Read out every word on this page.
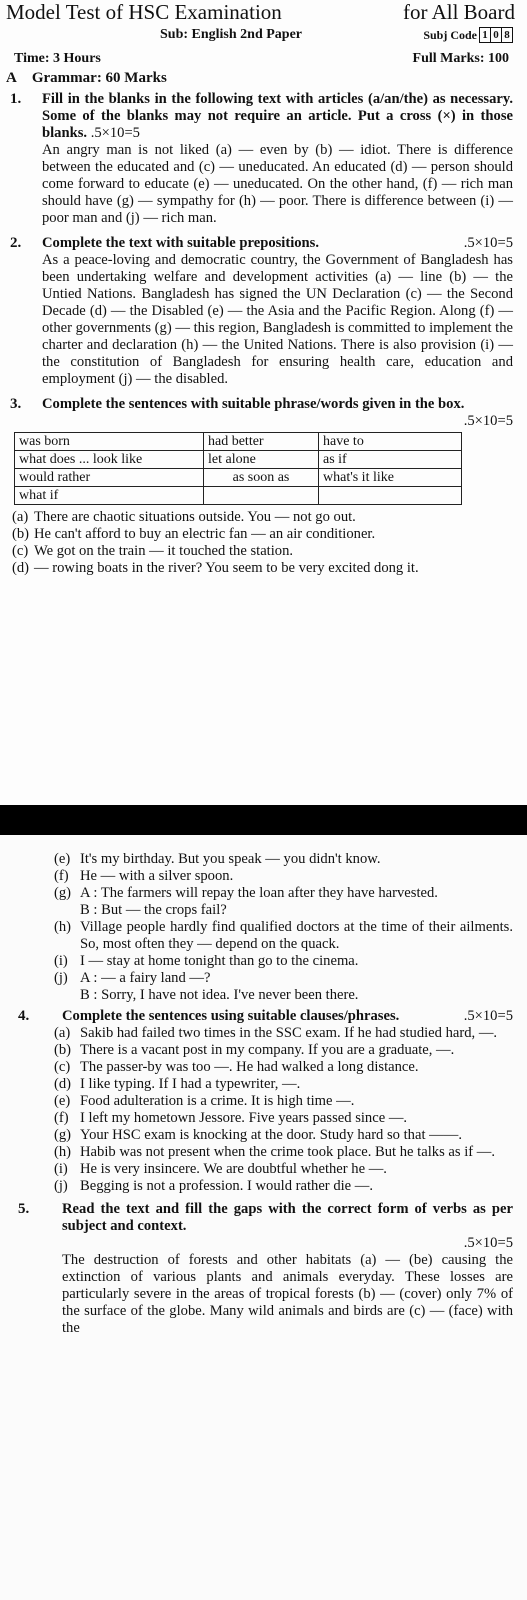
Model Test of HSC Examination	for All Board
Sub: English 2nd Paper	Subj Code 1 0 8
Time: 3 Hours	Full Marks: 100
A Grammar: 60 Marks
1. Fill in the blanks in the following text with articles (a/an/the) as necessary. Some of the blanks may not require an article. Put a cross (×) in those blanks. .5×10=5
An angry man is not liked (a) — even by (b) — idiot. There is difference between the educated and (c) — uneducated. An educated (d) — person should come forward to educate (e) — uneducated. On the other hand, (f) — rich man should have (g) — sympathy for (h) — poor. There is difference between (i) — poor man and (j) — rich man.
2. Complete the text with suitable prepositions.	.5×10=5
As a peace-loving and democratic country, the Government of Bangladesh has been undertaking welfare and development activities (a) — line (b) — the Untied Nations. Bangladesh has signed the UN Declaration (c) — the Second Decade (d) — the Disabled (e) — the Asia and the Pacific Region. Along (f) — other governments (g) — this region, Bangladesh is committed to implement the charter and declaration (h) — the United Nations. There is also provision (i) — the constitution of Bangladesh for ensuring health care, education and employment (j) — the disabled.
3. Complete the sentences with suitable phrase/words given in the box.
.5×10=5
was born	had better	have to
what does ... look like	let alone	as if
would rather	as soon as	what's it like
what if		
(a) There are chaotic situations outside. You — not go out.
(b) He can't afford to buy an electric fan — an air conditioner.
(c) We got on the train — it touched the station.
(d) — rowing boats in the river? You seem to be very excited dong it.
(e) It's my birthday. But you speak — you didn't know.
(f) He — with a silver spoon.
(g) A : The farmers will repay the loan after they have harvested.
B : But — the crops fail?
(h) Village people hardly find qualified doctors at the time of their ailments. So, most often they — depend on the quack.
(i) I — stay at home tonight than go to the cinema.
(j) A : — a fairy land —?
B : Sorry, I have not idea. I've never been there.
4. Complete the sentences using suitable clauses/phrases.	.5×10=5
(a) Sakib had failed two times in the SSC exam. If he had studied hard, —.
(b) There is a vacant post in my company. If you are a graduate, —.
(c) The passer-by was too —. He had walked a long distance.
(d) I like typing. If I had a typewriter, —.
(e) Food adulteration is a crime. It is high time —.
(f) I left my hometown Jessore. Five years passed since —.
(g) Your HSC exam is knocking at the door. Study hard so that ——.
(h) Habib was not present when the crime took place. But he talks as if —.
(i) He is very insincere. We are doubtful whether he —.
(j) Begging is not a profession. I would rather die —.
5. Read the text and fill the gaps with the correct form of verbs as per subject and context.
.5×10=5
The destruction of forests and other habitats (a) — (be) causing the extinction of various plants and animals everyday. These losses are particularly severe in the areas of tropical forests (b) — (cover) only 7% of the surface of the globe. Many wild animals and birds are (c) — (face) with the
